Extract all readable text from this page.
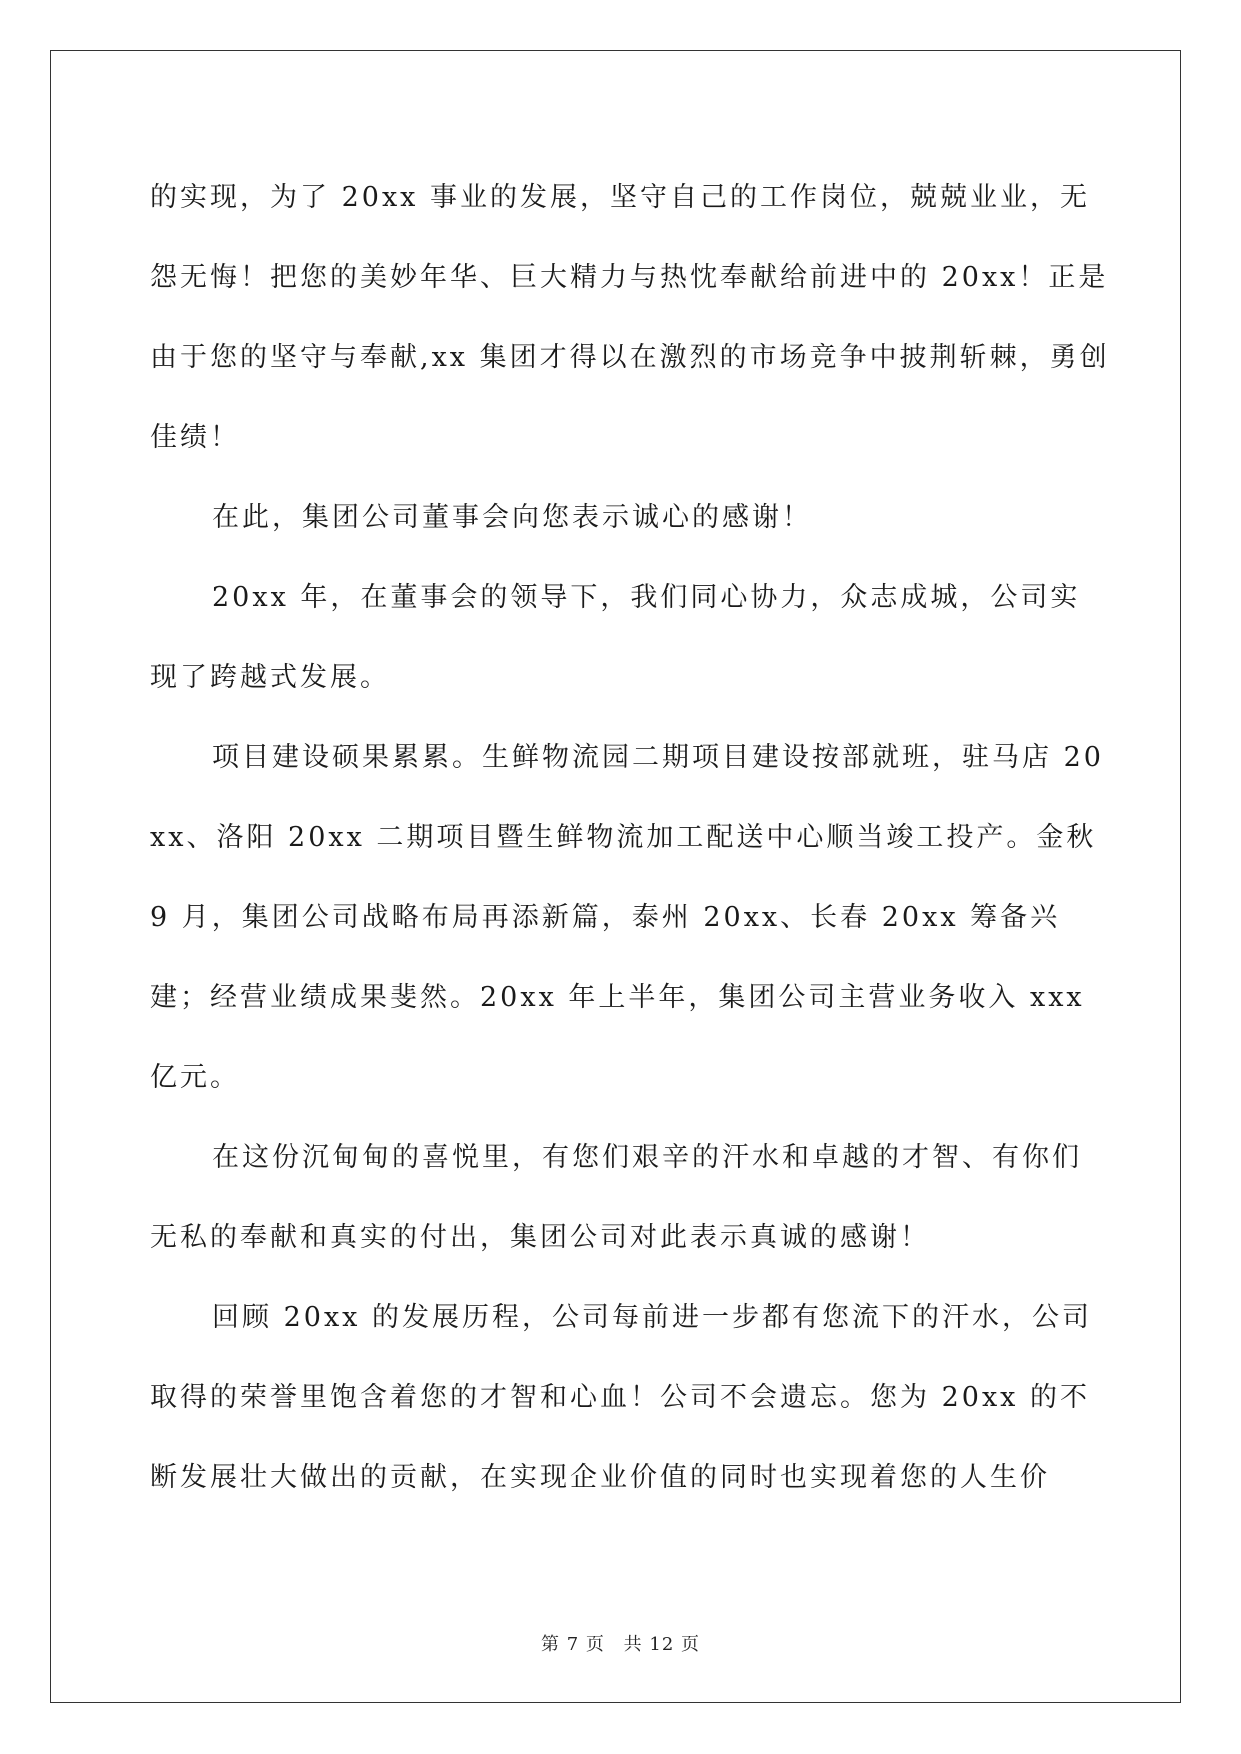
的实现，为了 20xx 事业的发展，坚守自己的工作岗位，兢兢业业，无怨无悔！把您的美妙年华、巨大精力与热忱奉献给前进中的 20xx！正是由于您的坚守与奉献,xx 集团才得以在激烈的市场竞争中披荆斩棘，勇创佳绩！

在此，集团公司董事会向您表示诚心的感谢！

20xx 年，在董事会的领导下，我们同心协力，众志成城，公司实现了跨越式发展。

项目建设硕果累累。生鲜物流园二期项目建设按部就班，驻马店 20xx、洛阳 20xx 二期项目暨生鲜物流加工配送中心顺当竣工投产。金秋 9 月，集团公司战略布局再添新篇，泰州 20xx、长春 20xx 筹备兴建；经营业绩成果斐然。20xx 年上半年，集团公司主营业务收入 xxx 亿元。

在这份沉甸甸的喜悦里，有您们艰辛的汗水和卓越的才智、有你们无私的奉献和真实的付出，集团公司对此表示真诚的感谢！

回顾 20xx 的发展历程，公司每前进一步都有您流下的汗水，公司取得的荣誉里饱含着您的才智和心血！公司不会遗忘。您为 20xx 的不断发展壮大做出的贡献，在实现企业价值的同时也实现着您的人生价

第 7 页 共 12 页
